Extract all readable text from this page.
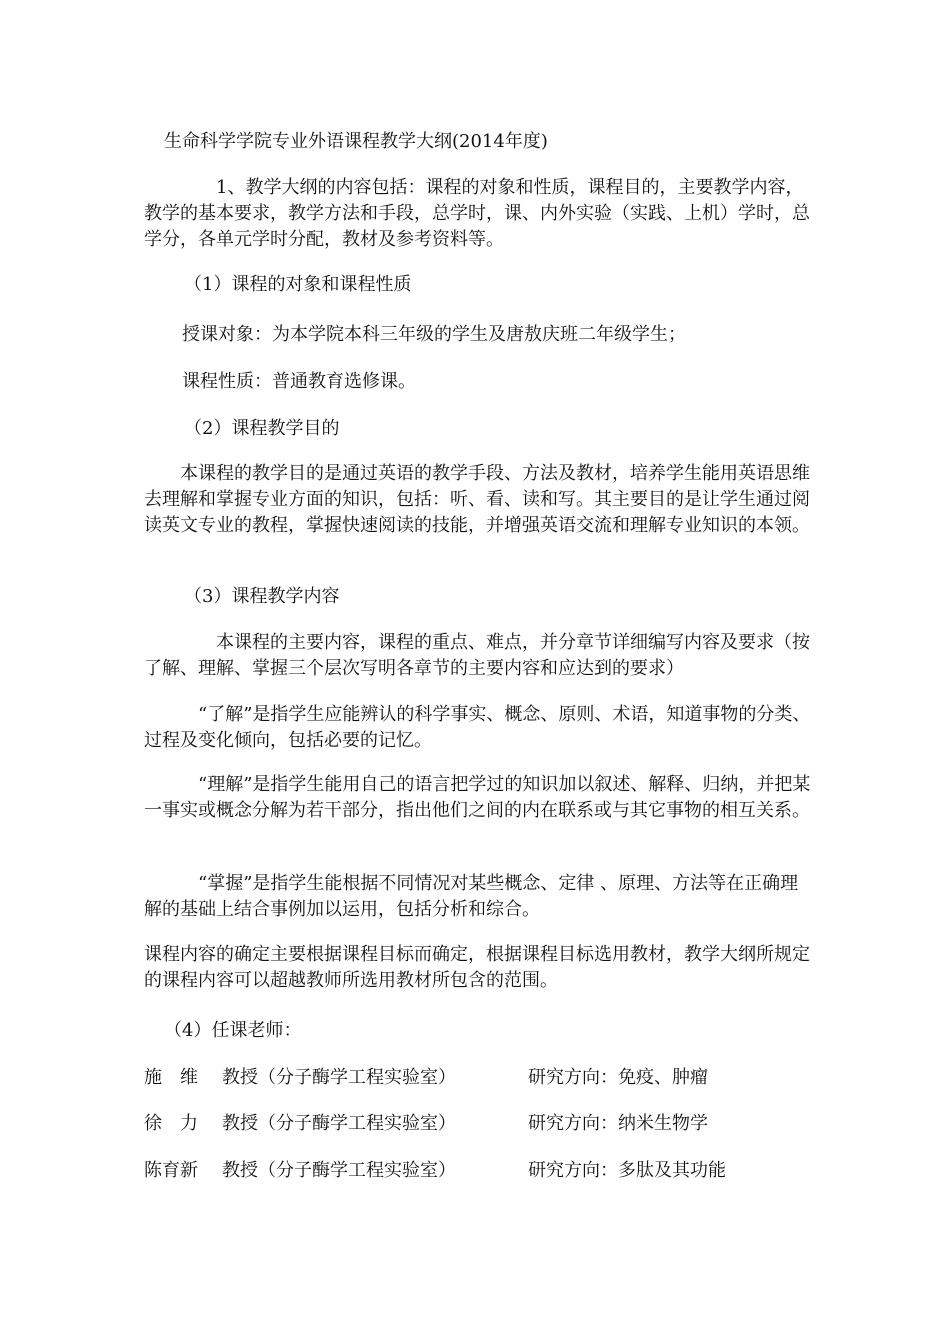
生命科学学院专业外语课程教学大纲(2014年度)

　　　　1、教学大纲的内容包括：课程的对象和性质，课程目的，主要教学内容，教学的基本要求，教学方法和手段，总学时，课、内外实验（实践、上机）学时，总学分，各单元学时分配，教材及参考资料等。

（1）课程的对象和课程性质
授课对象：为本学院本科三年级的学生及唐敖庆班二年级学生；
课程性质：普通教育选修课。
（2）课程教学目的

　　本课程的教学目的是通过英语的教学手段、方法及教材，培养学生能用英语思维去理解和掌握专业方面的知识，包括：听、看、读和写。其主要目的是让学生通过阅读英文专业的教程，掌握快速阅读的技能，并增强英语交流和理解专业知识的本领。

（3）课程教学内容

　　　　本课程的主要内容，课程的重点、难点，并分章节详细编写内容及要求（按了解、理解、掌握三个层次写明各章节的主要内容和应达到的要求）

　　　“了解”是指学生应能辨认的科学事实、概念、原则、术语，知道事物的分类、过程及变化倾向，包括必要的记忆。

　　　“理解”是指学生能用自己的语言把学过的知识加以叙述、解释、归纳，并把某一事实或概念分解为若干部分，指出他们之间的内在联系或与其它事物的相互关系。

　　　“掌握”是指学生能根据不同情况对某些概念、定律 、原理、方法等在正确理解的基础上结合事例加以运用，包括分析和综合。

课程内容的确定主要根据课程目标而确定，根据课程目标选用教材，教学大纲所规定的课程内容可以超越教师所选用教材所包含的范围。

（4）任课老师：
施　维	教授（分子酶学工程实验室）	研究方向：免疫、肿瘤
徐　力	教授（分子酶学工程实验室）	研究方向：纳米生物学
陈育新	教授（分子酶学工程实验室）	研究方向：多肽及其功能
